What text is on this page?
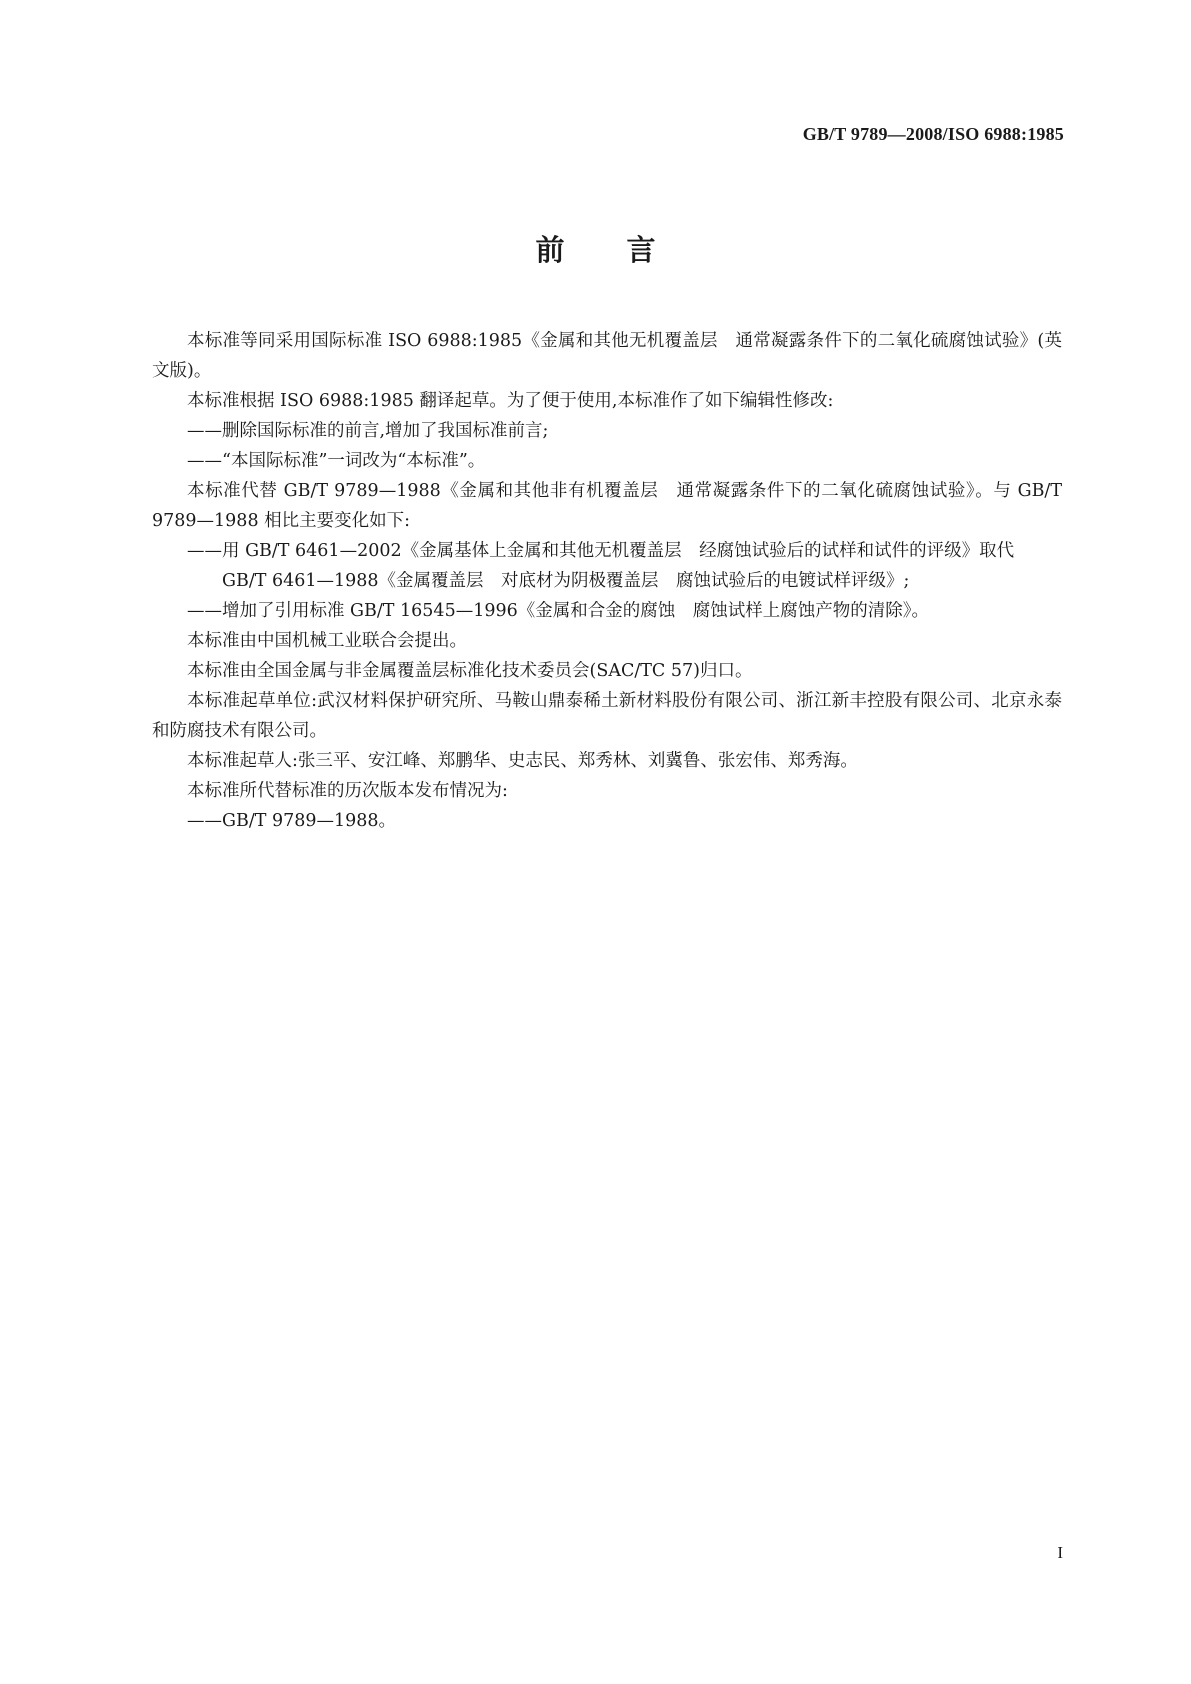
GB/T 9789—2008/ISO 6988:1985
前言

本标准等同采用国际标准 ISO 6988:1985《金属和其他无机覆盖层　通常凝露条件下的二氧化硫腐蚀试验》(英文版)。

本标准根据 ISO 6988:1985 翻译起草。为了便于使用,本标准作了如下编辑性修改:

——删除国际标准的前言,增加了我国标准前言;

——“本国际标准”一词改为“本标准”。

本标准代替 GB/T 9789—1988《金属和其他非有机覆盖层　通常凝露条件下的二氧化硫腐蚀试验》。与 GB/T 9789—1988 相比主要变化如下:

——用 GB/T 6461—2002《金属基体上金属和其他无机覆盖层　经腐蚀试验后的试样和试件的评级》取代 GB/T 6461—1988《金属覆盖层　对底材为阴极覆盖层　腐蚀试验后的电镀试样评级》;

——增加了引用标准 GB/T 16545—1996《金属和合金的腐蚀　腐蚀试样上腐蚀产物的清除》。

本标准由中国机械工业联合会提出。

本标准由全国金属与非金属覆盖层标准化技术委员会(SAC/TC 57)归口。

本标准起草单位:武汉材料保护研究所、马鞍山鼎泰稀土新材料股份有限公司、浙江新丰控股有限公司、北京永泰和防腐技术有限公司。

本标准起草人:张三平、安江峰、郑鹏华、史志民、郑秀林、刘冀鲁、张宏伟、郑秀海。

本标准所代替标准的历次版本发布情况为:

——GB/T 9789—1988。

I
